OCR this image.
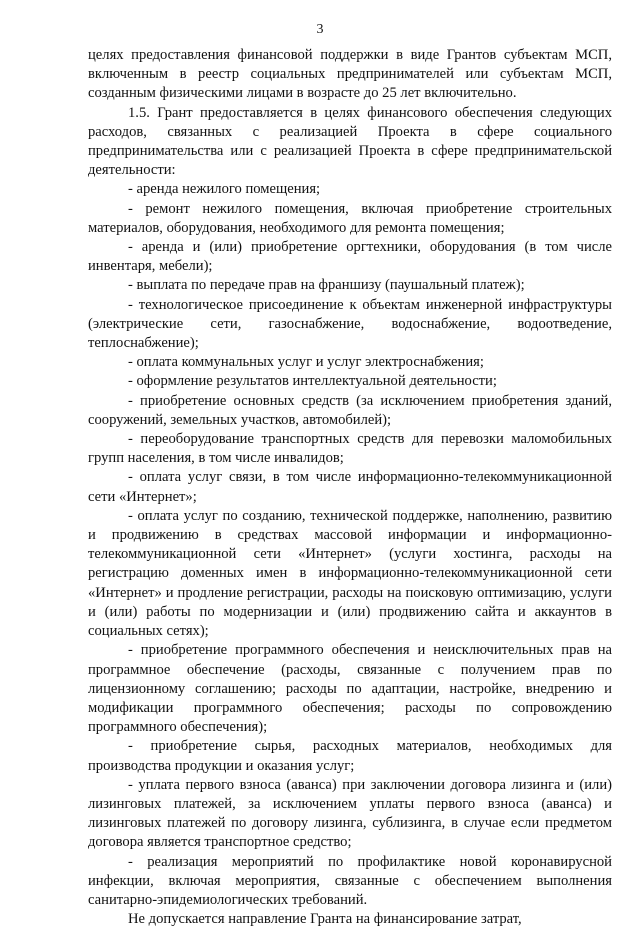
3

целях предоставления финансовой поддержки в виде Грантов субъектам МСП, включенным в реестр социальных предпринимателей или субъектам МСП, созданным физическими лицами в возрасте до 25 лет включительно.

1.5. Грант предоставляется в целях финансового обеспечения следующих расходов, связанных с реализацией Проекта в сфере социального предпринимательства или с реализацией Проекта в сфере предпринимательской деятельности:

- аренда нежилого помещения;

- ремонт нежилого помещения, включая приобретение строительных материалов, оборудования, необходимого для ремонта помещения;

- аренда и (или) приобретение оргтехники, оборудования (в том числе инвентаря, мебели);

- выплата по передаче прав на франшизу (паушальный платеж);

- технологическое присоединение к объектам инженерной инфраструктуры (электрические сети, газоснабжение, водоснабжение, водоотведение, теплоснабжение);

- оплата коммунальных услуг и услуг электроснабжения;

- оформление результатов интеллектуальной деятельности;

- приобретение основных средств (за исключением приобретения зданий, сооружений, земельных участков, автомобилей);

- переоборудование транспортных средств для перевозки маломобильных групп населения, в том числе инвалидов;

- оплата услуг связи, в том числе информационно-телекоммуникационной сети «Интернет»;

- оплата услуг по созданию, технической поддержке, наполнению, развитию и продвижению в средствах массовой информации и информационно-телекоммуникационной сети «Интернет» (услуги хостинга, расходы на регистрацию доменных имен в информационно-телекоммуникационной сети «Интернет» и продление регистрации, расходы на поисковую оптимизацию, услуги и (или) работы по модернизации и (или) продвижению сайта и аккаунтов в социальных сетях);

- приобретение программного обеспечения и неисключительных прав на программное обеспечение (расходы, связанные с получением прав по лицензионному соглашению; расходы по адаптации, настройке, внедрению и модификации программного обеспечения; расходы по сопровождению программного обеспечения);

- приобретение сырья, расходных материалов, необходимых для производства продукции и оказания услуг;

- уплата первого взноса (аванса) при заключении договора лизинга и (или) лизинговых платежей, за исключением уплаты первого взноса (аванса) и лизинговых платежей по договору лизинга, сублизинга, в случае если предметом договора является транспортное средство;

- реализация мероприятий по профилактике новой коронавирусной инфекции, включая мероприятия, связанные с обеспечением выполнения санитарно-эпидемиологических требований.

Не допускается направление Гранта на финансирование затрат,
